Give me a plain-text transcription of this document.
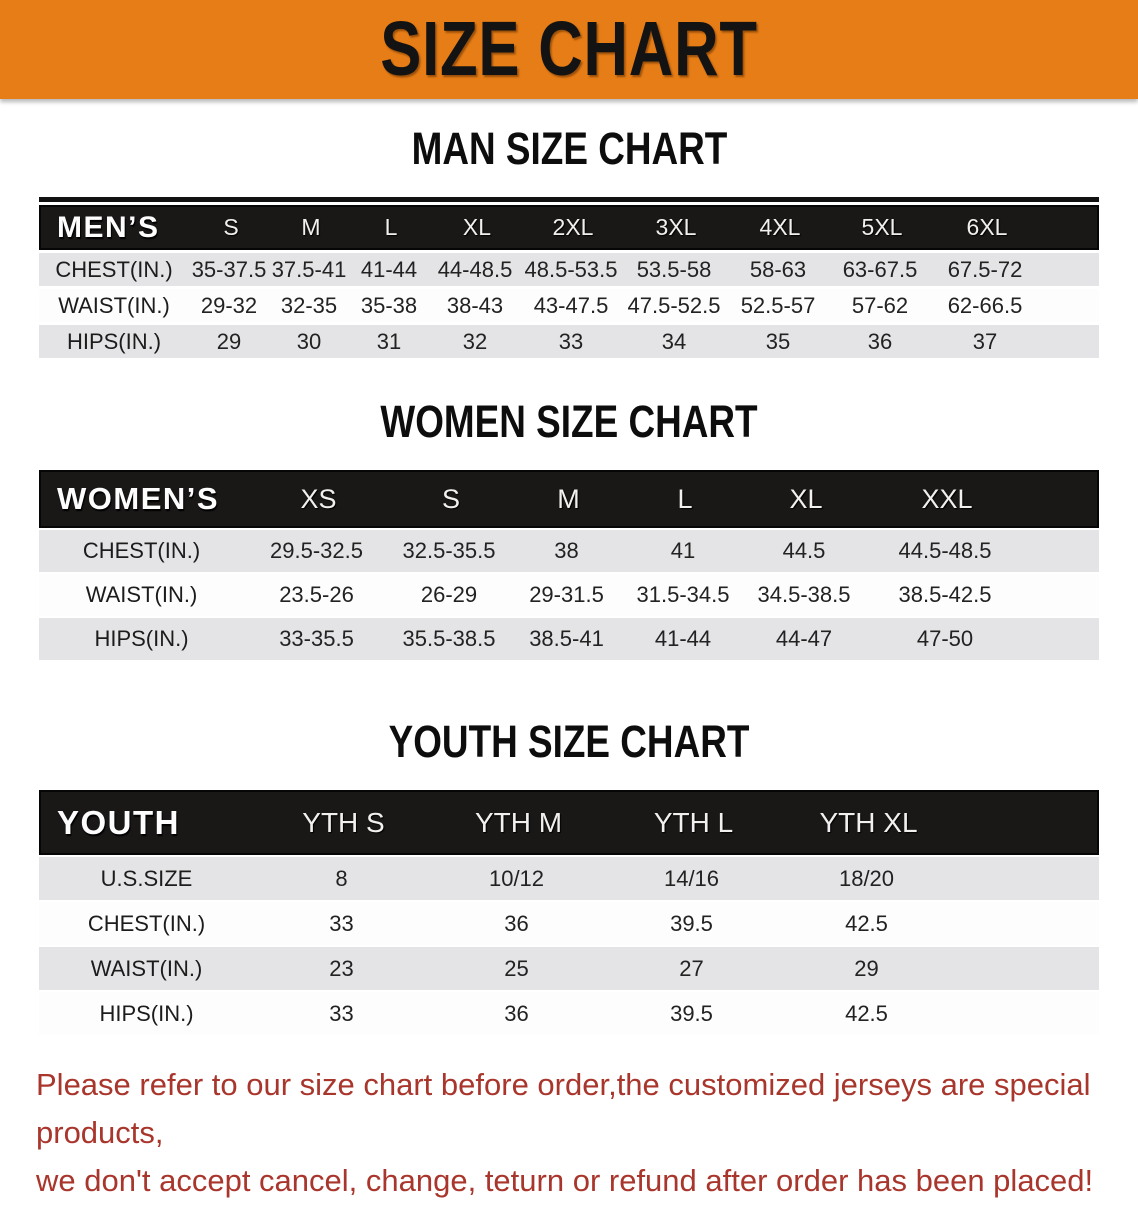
SIZE CHART
MAN SIZE CHART
MEN’S	S	M	L	XL	2XL	3XL	4XL	5XL	6XL
CHEST(IN.) 35-37.5 37.5-41 41-44 44-48.5 48.5-53.5 53.5-58	58-63	63-67.5	67.5-72
WAIST(IN.)	29-32	32-35	35-38	38-43	43-47.5 47.5-52.5 52.5-57	57-62	62-66.5
HIPS(IN.)	29	30	31	32	33	34	35	36	37
WOMEN SIZE CHART
WOMEN’S	XS	S	M	L	XL	XXL
CHEST(IN.)	29.5-32.5	32.5-35.5	38	41	44.5	44.5-48.5
WAIST(IN.)	23.5-26	26-29	29-31.5	31.5-34.5	34.5-38.5	38.5-42.5
HIPS(IN.)	33-35.5	35.5-38.5	38.5-41	41-44	44-47	47-50
YOUTH SIZE CHART
YOUTH	YTH S	YTH M	YTH L	YTH XL
U.S.SIZE	8	10/12	14/16	18/20
CHEST(IN.)	33	36	39.5	42.5
WAIST(IN.)	23	25	27	29
HIPS(IN.)	33	36	39.5	42.5

Please refer to our size chart before order,the customized jerseys are special products,

we don't accept cancel, change, teturn or refund after order has been placed!
